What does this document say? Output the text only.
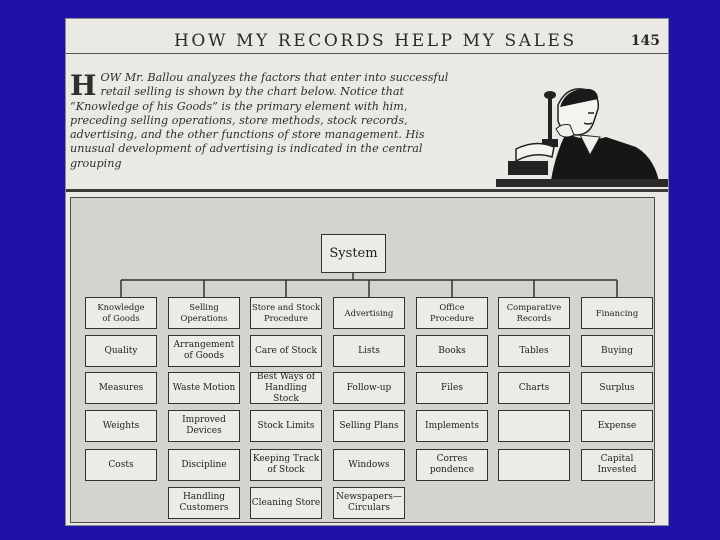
HOW MY RECORDS HELP MY SALES	145
HOW Mr. Ballou analyzes the factors that enter into successful retail selling is shown by the chart below. Notice that “Knowledge of his Goods” is the primary element with him, preceding selling operations, store methods, stock records, advertising, and the other functions of store management. His unusual development of advertising is indicated in the central grouping
System
Knowledge
of Goods
Quality
Measures
Weights
Costs
Selling
Operations
Arrangement
of Goods
Waste Motion
Improved
Devices
Discipline
Handling
Customers
Store and Stock
Procedure
Care of Stock
Best Ways of
Handling Stock
Stock Limits
Keeping Track
of Stock
Cleaning Store
Advertising
Lists
Follow-up
Selling Plans
Windows
Newspapers—
Circulars
Office
Procedure
Books
Files
Implements
Corres
pondence
Comparative
Records
Tables
Charts
Financing
Buying
Surplus
Expense
Capital
Invested
